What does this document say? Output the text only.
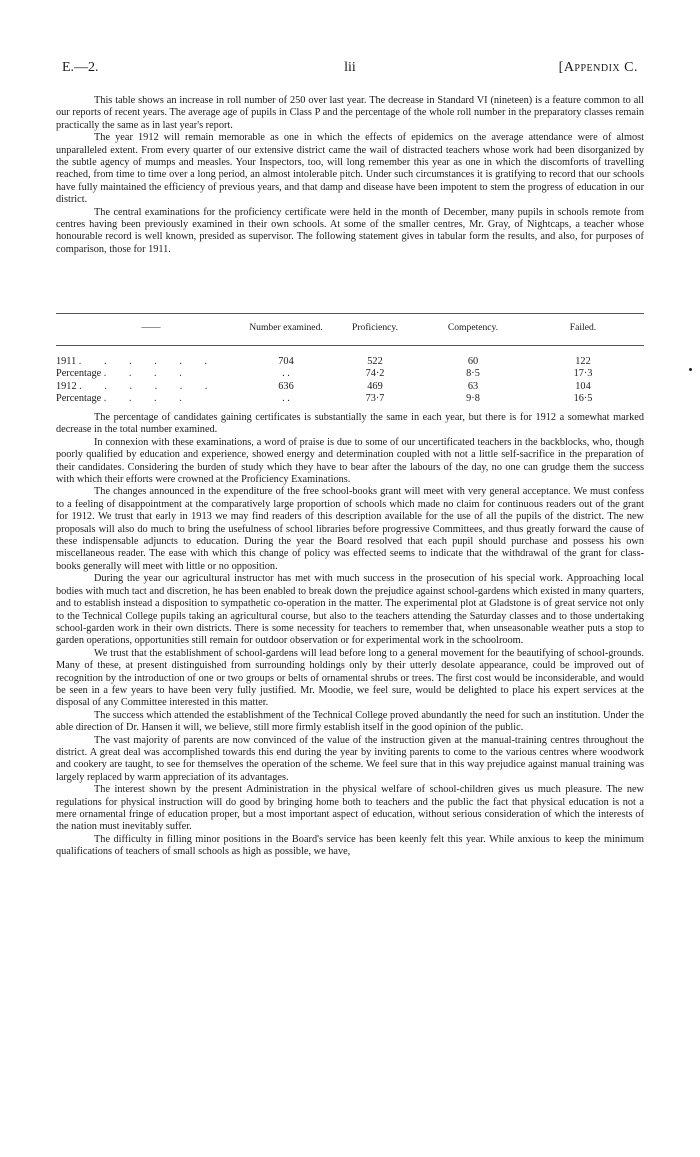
E.—2.	lii	[Appendix C.

This table shows an increase in roll number of 250 over last year. The decrease in Standard VI (nineteen) is a feature common to all our reports of recent years. The average age of pupils in Class P and the percentage of the whole roll number in the preparatory classes remain practically the same as in last year's report.

The year 1912 will remain memorable as one in which the effects of epidemics on the average attendance were of almost unparalleled extent. From every quarter of our extensive district came the wail of distracted teachers whose work had been disorganized by the subtle agency of mumps and measles. Your Inspectors, too, will long remember this year as one in which the discomforts of travelling reached, from time to time over a long period, an almost intolerable pitch. Under such circumstances it is gratifying to record that our schools have fully maintained the efficiency of previous years, and that damp and disease have been impotent to stem the progress of education in our district.

The central examinations for the proficiency certificate were held in the month of December, many pupils in schools remote from centres having been previously examined in their own schools. At some of the smaller centres, Mr. Gray, of Nightcaps, a teacher whose honourable record is well known, presided as supervisor. The following statement gives in tabular form the results, and also, for purposes of comparison, those for 1911.

——	Number examined.	Proficiency.	Competency.	Failed.
1911 . . . . . .	704	522	60	122
Percentage . . . .	. .	74·2	8·5	17·3
1912 . . . . . .	636	469	63	104
Percentage . . . .	. .	73·7	9·8	16·5

The percentage of candidates gaining certificates is substantially the same in each year, but there is for 1912 a somewhat marked decrease in the total number examined.

In connexion with these examinations, a word of praise is due to some of our uncertificated teachers in the backblocks, who, though poorly qualified by education and experience, showed energy and determination coupled with not a little self-sacrifice in the preparation of their candidates. Considering the burden of study which they have to bear after the labours of the day, no one can grudge them the success with which their efforts were crowned at the Proficiency Examinations.

The changes announced in the expenditure of the free school-books grant will meet with very general acceptance. We must confess to a feeling of disappointment at the comparatively large proportion of schools which made no claim for continuous readers out of the grant for 1912. We trust that early in 1913 we may find readers of this description available for the use of all the pupils of the district. The new proposals will also do much to bring the usefulness of school libraries before progressive Committees, and thus greatly forward the cause of these indispensable adjuncts to education. During the year the Board resolved that each pupil should purchase and possess his own miscellaneous reader. The ease with which this change of policy was effected seems to indicate that the withdrawal of the grant for class-books generally will meet with little or no opposition.

During the year our agricultural instructor has met with much success in the prosecution of his special work. Approaching local bodies with much tact and discretion, he has been enabled to break down the prejudice against school-gardens which existed in many quarters, and to establish instead a disposition to sympathetic co-operation in the matter. The experimental plot at Gladstone is of great service not only to the Technical College pupils taking an agricultural course, but also to the teachers attending the Saturday classes and to those undertaking school-garden work in their own districts. There is some necessity for teachers to remember that, when unseasonable weather puts a stop to garden operations, opportunities still remain for outdoor observation or for experimental work in the schoolroom.

We trust that the establishment of school-gardens will lead before long to a general movement for the beautifying of school-grounds. Many of these, at present distinguished from surrounding holdings only by their utterly desolate appearance, could be improved out of recognition by the introduction of one or two groups or belts of ornamental shrubs or trees. The first cost would be inconsiderable, and would be seen in a few years to have been very fully justified. Mr. Moodie, we feel sure, would be delighted to place his expert services at the disposal of any Committee interested in this matter.

The success which attended the establishment of the Technical College proved abundantly the need for such an institution. Under the able direction of Dr. Hansen it will, we believe, still more firmly establish itself in the good opinion of the public.

The vast majority of parents are now convinced of the value of the instruction given at the manual-training centres throughout the district. A great deal was accomplished towards this end during the year by inviting parents to come to the various centres where woodwork and cookery are taught, to see for themselves the operation of the scheme. We feel sure that in this way prejudice against manual training was largely replaced by warm appreciation of its advantages.

The interest shown by the present Administration in the physical welfare of school-children gives us much pleasure. The new regulations for physical instruction will do good by bringing home both to teachers and the public the fact that physical education is not a mere ornamental fringe of education proper, but a most important aspect of education, without serious consideration of which the interests of the nation must inevitably suffer.

The difficulty in filling minor positions in the Board's service has been keenly felt this year. While anxious to keep the minimum qualifications of teachers of small schools as high as possible, we have,
